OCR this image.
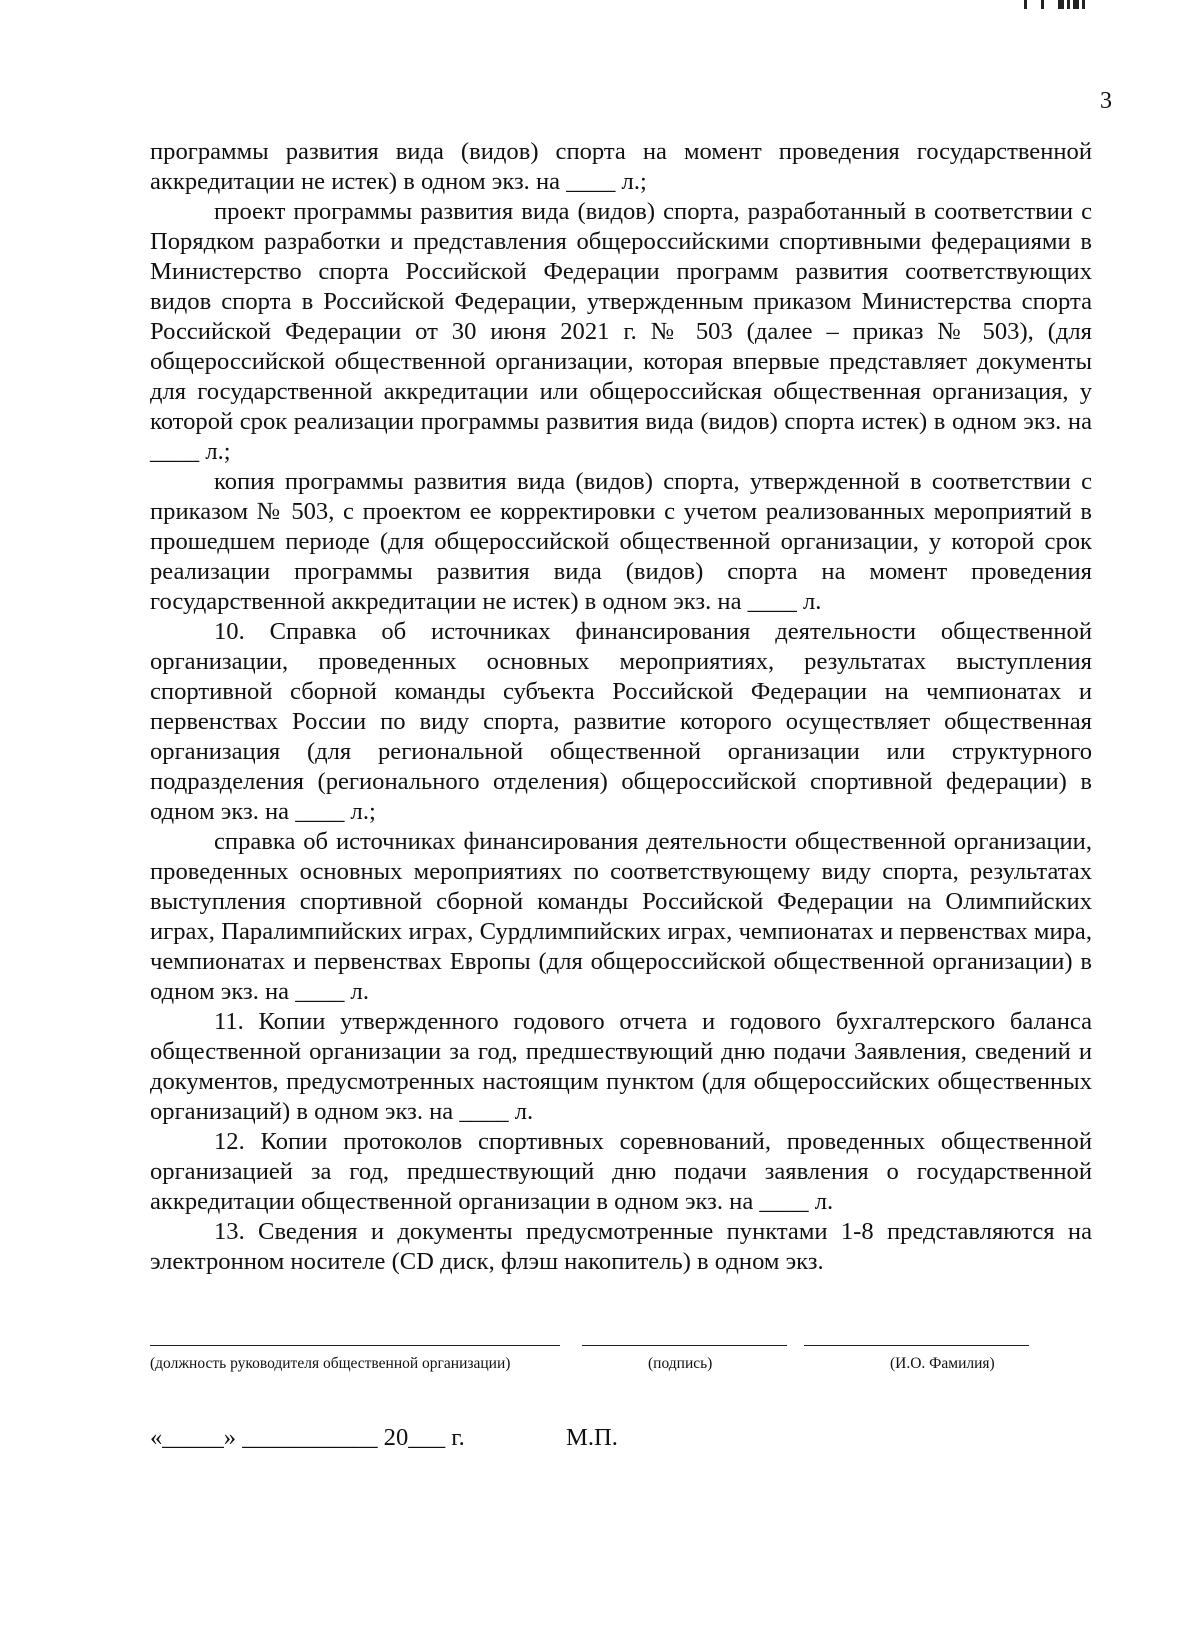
3

программы развития вида (видов) спорта на момент проведения государственной аккредитации не истек) в одном экз. на ____ л.;

проект программы развития вида (видов) спорта, разработанный в соответствии с Порядком разработки и представления общероссийскими спортивными федерациями в Министерство спорта Российской Федерации программ развития соответствующих видов спорта в Российской Федерации, утвержденным приказом Министерства спорта Российской Федерации от 30 июня 2021 г. № 503 (далее – приказ № 503), (для общероссийской общественной организации, которая впервые представляет документы для государственной аккредитации или общероссийская общественная организация, у которой срок реализации программы развития вида (видов) спорта истек) в одном экз. на ____ л.;

копия программы развития вида (видов) спорта, утвержденной в соответствии с приказом № 503, с проектом ее корректировки с учетом реализованных мероприятий в прошедшем периоде (для общероссийской общественной организации, у которой срок реализации программы развития вида (видов) спорта на момент проведения государственной аккредитации не истек) в одном экз. на ____ л.

10. Справка об источниках финансирования деятельности общественной организации, проведенных основных мероприятиях, результатах выступления спортивной сборной команды субъекта Российской Федерации на чемпионатах и первенствах России по виду спорта, развитие которого осуществляет общественная организация (для региональной общественной организации или структурного подразделения (регионального отделения) общероссийской спортивной федерации) в одном экз. на ____ л.;

справка об источниках финансирования деятельности общественной организации, проведенных основных мероприятиях по соответствующему виду спорта, результатах выступления спортивной сборной команды Российской Федерации на Олимпийских играх, Паралимпийских играх, Сурдлимпийских играх, чемпионатах и первенствах мира, чемпионатах и первенствах Европы (для общероссийской общественной организации) в одном экз. на ____ л.

11. Копии утвержденного годового отчета и годового бухгалтерского баланса общественной организации за год, предшествующий дню подачи Заявления, сведений и документов, предусмотренных настоящим пунктом (для общероссийских общественных организаций) в одном экз. на ____ л.

12. Копии протоколов спортивных соревнований, проведенных общественной организацией за год, предшествующий дню подачи заявления о государственной аккредитации общественной организации в одном экз. на ____ л.

13. Сведения и документы предусмотренные пунктами 1-8 представляются на электронном носителе (CD диск, флэш накопитель) в одном экз.

(должность руководителя общественной организации)	(подпись)	(И.О. Фамилия)
«_____» ___________ 20___ г.	М.П.
